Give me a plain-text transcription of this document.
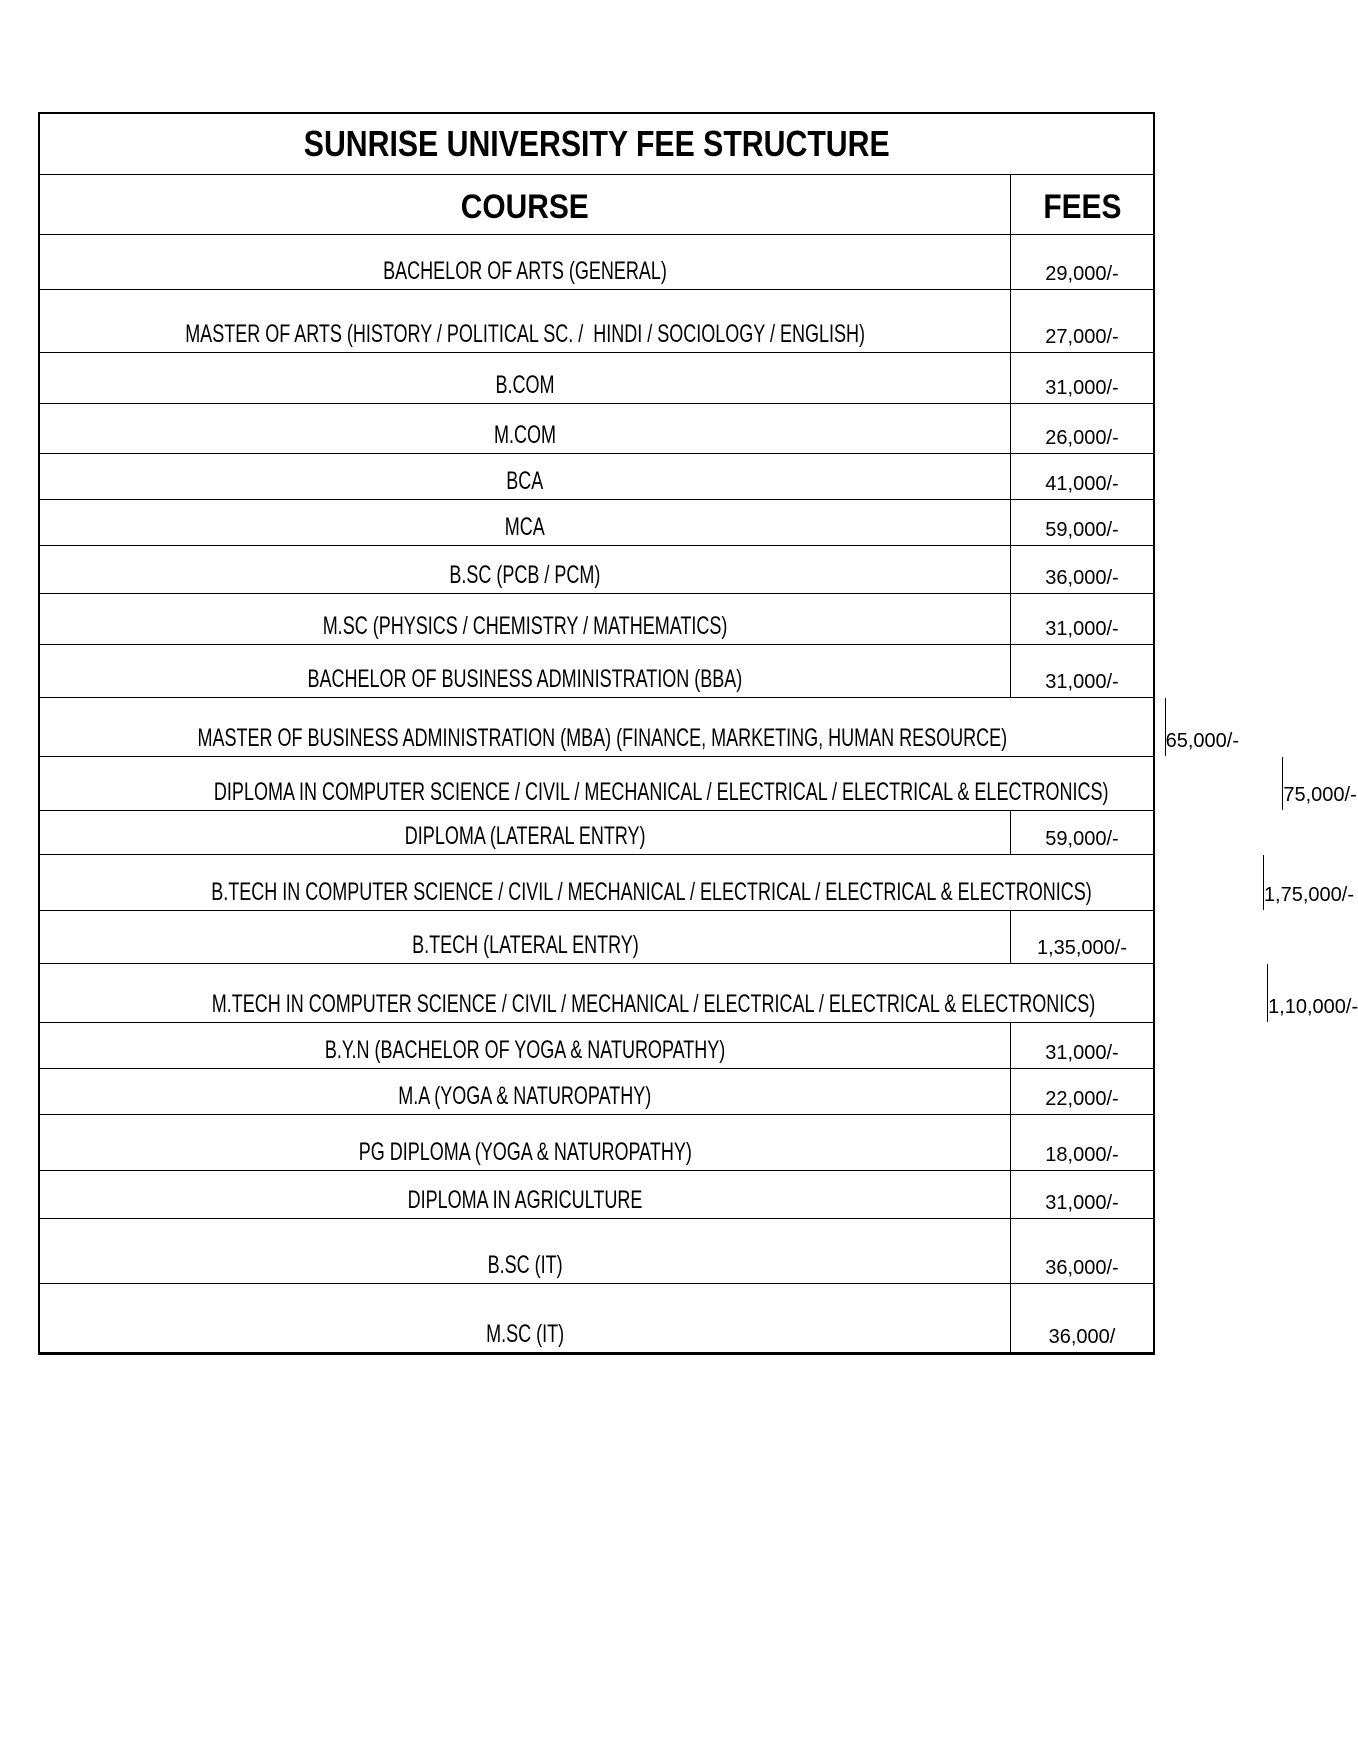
SUNRISE UNIVERSITY FEE STRUCTURE
COURSE	FEES
BACHELOR OF ARTS (GENERAL)	29,000/-
MASTER OF ARTS (HISTORY / POLITICAL SC. /  HINDI / SOCIOLOGY / ENGLISH)	27,000/-
B.COM	31,000/-
M.COM	26,000/-
BCA	41,000/-
MCA	59,000/-
B.SC (PCB / PCM)	36,000/-
M.SC (PHYSICS / CHEMISTRY / MATHEMATICS)	31,000/-
BACHELOR OF BUSINESS ADMINISTRATION (BBA)	31,000/-
MASTER OF BUSINESS ADMINISTRATION (MBA) (FINANCE, MARKETING, HUMAN RESOURCE)	65,000/-
DIPLOMA IN COMPUTER SCIENCE / CIVIL / MECHANICAL / ELECTRICAL / ELECTRICAL & ELECTRONICS)	75,000/-
DIPLOMA (LATERAL ENTRY)	59,000/-
B.TECH IN COMPUTER SCIENCE / CIVIL / MECHANICAL / ELECTRICAL / ELECTRICAL & ELECTRONICS)	1,75,000/-
B.TECH (LATERAL ENTRY)	1,35,000/-
M.TECH IN COMPUTER SCIENCE / CIVIL / MECHANICAL / ELECTRICAL / ELECTRICAL & ELECTRONICS)	1,10,000/-
B.Y.N (BACHELOR OF YOGA & NATUROPATHY)	31,000/-
M.A (YOGA & NATUROPATHY)	22,000/-
PG DIPLOMA (YOGA & NATUROPATHY)	18,000/-
DIPLOMA IN AGRICULTURE	31,000/-
B.SC (IT)	36,000/-
M.SC (IT)	36,000/
